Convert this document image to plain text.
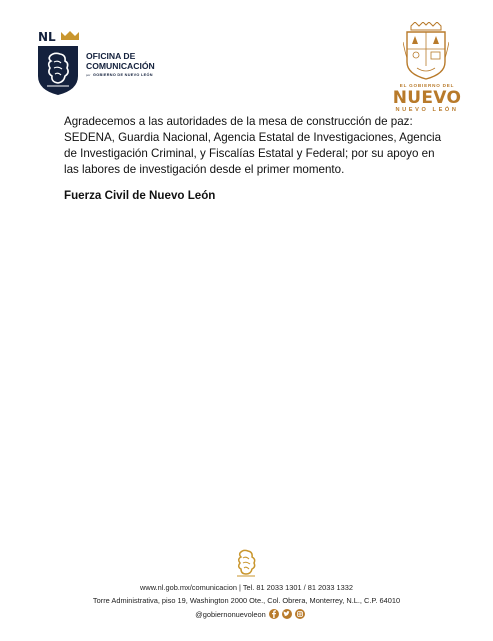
NL
OFICINA DE
COMUNICACIÓN
por GOBIERNO DE NUEVO LEÓN
EL GOBIERNO DEL
NUEVO
NUEVO LEÓN

Agradecemos a las autoridades de la mesa de construcción de paz: SEDENA, Guardia Nacional, Agencia Estatal de Investigaciones, Agencia de Investigación Criminal, y Fiscalías Estatal y Federal; por su apoyo en las labores de investigación desde el primer momento.

Fuerza Civil de Nuevo León

www.nl.gob.mx/comunicacion | Tel. 81 2033 1301 / 81 2033 1332
Torre Administrativa, piso 19, Washington 2000 Ote., Col. Obrera, Monterrey, N.L., C.P. 64010
@gobiernonuevoleon
